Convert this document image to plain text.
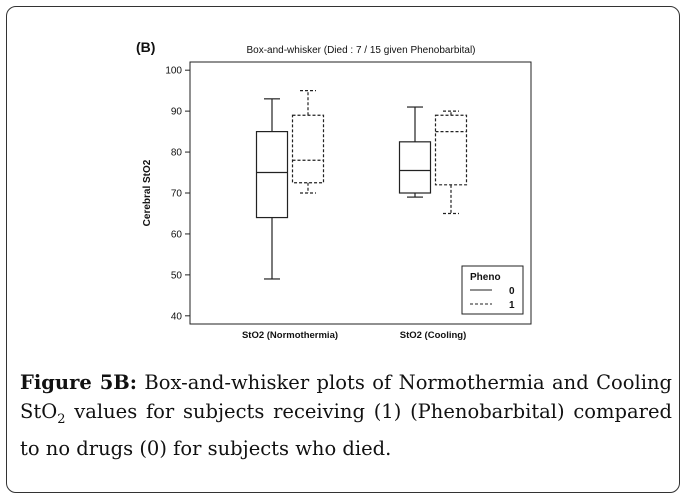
(B)	Box-and-whisker (Died : 7 / 15 given Phenobarbital)
Cerebral StO2
40
50
60
70
80
90
100
StO2 (Normothermia)	StO2 (Cooling)
Pheno
0
1
Figure 5B: Box-and-whisker plots of Normothermia and Cooling StO$_2$ values for subjects receiving (1) (Phenobarbital) compared to no drugs (0) for subjects who died.
